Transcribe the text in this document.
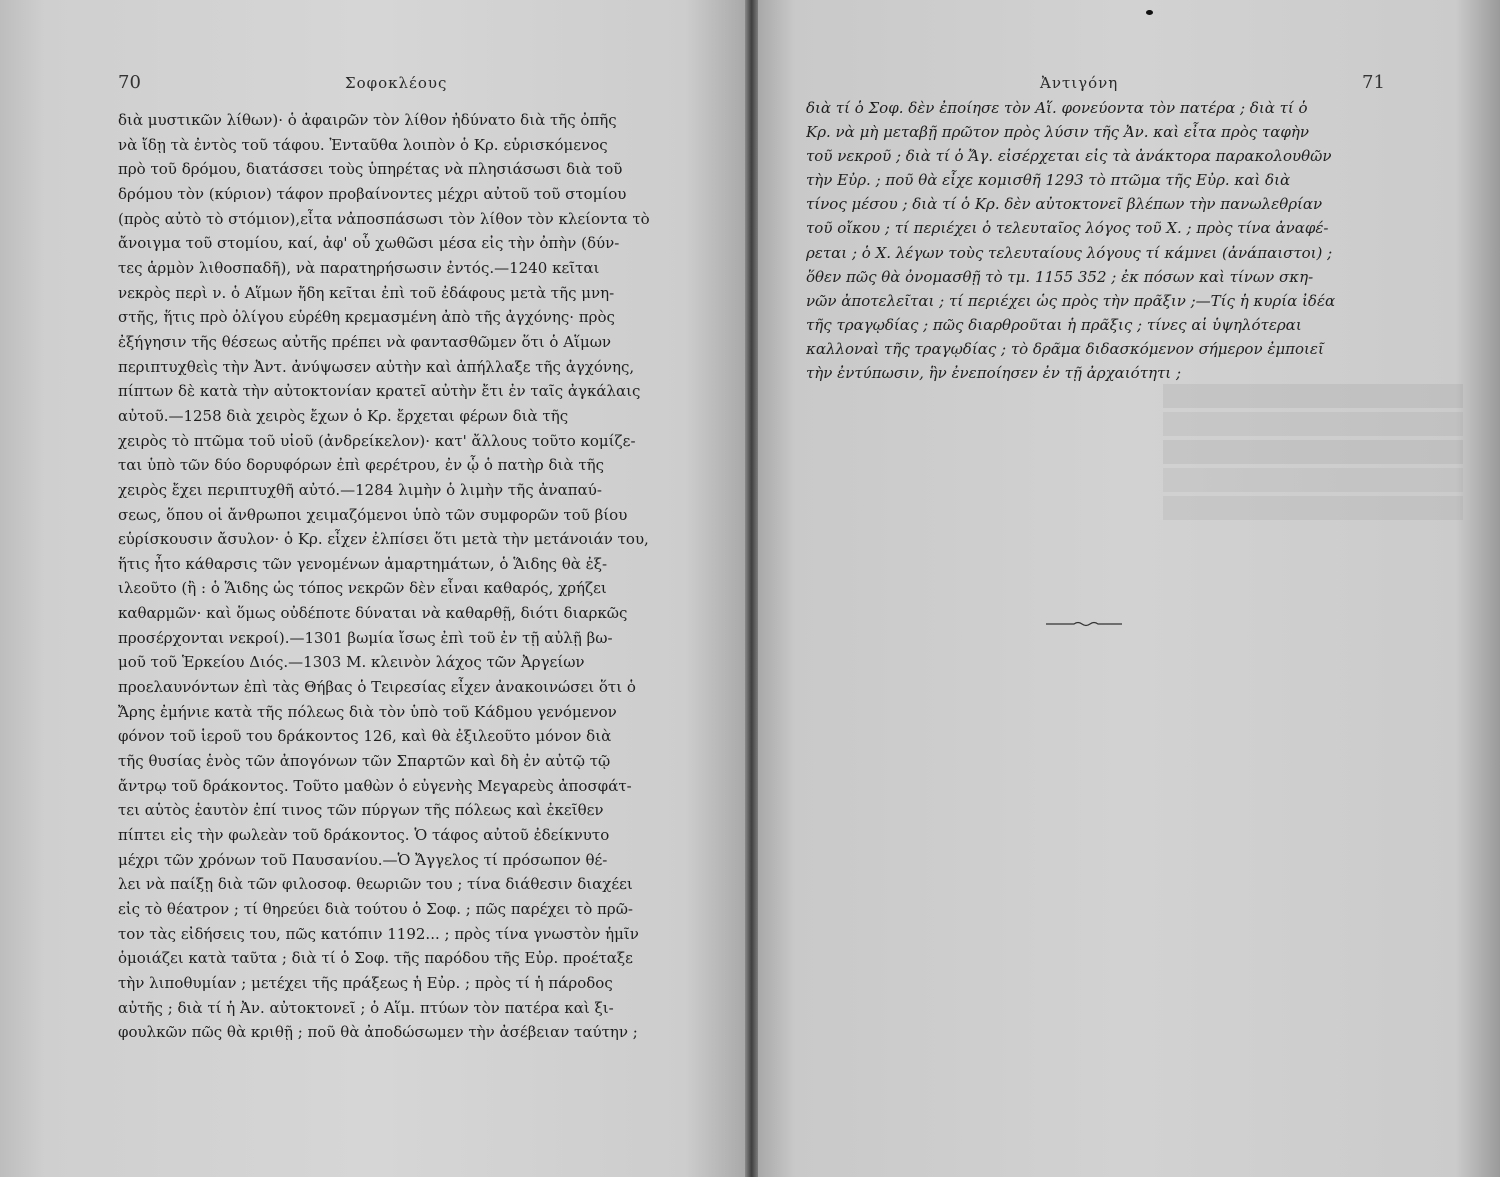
70	Σοφοκλέους
διὰ μυστικῶν λίθων)· ὁ ἀφαιρῶν τὸν λίθον ἠδύνατο διὰ τῆς ὀπῆς
νὰ ἴδῃ τὰ ἐντὸς τοῦ τάφου. Ἐνταῦθα λοιπὸν ὁ Κρ. εὑρισκόμενος
πρὸ τοῦ δρόμου, διατάσσει τοὺς ὑπηρέτας νὰ πλησιάσωσι διὰ τοῦ
δρόμου τὸν (κύριον) τάφον προβαίνοντες μέχρι αὐτοῦ τοῦ στομίου
(πρὸς αὐτὸ τὸ στόμιον),εἶτα νἀποσπάσωσι τὸν λίθον τὸν κλείοντα τὸ
ἄνοιγμα τοῦ στομίου, καί, ἀφ' οὗ χωθῶσι μέσα εἰς τὴν ὀπὴν (δύν-
τες ἁρμὸν λιθοσπαδῆ), νὰ παρατηρήσωσιν ἐντός.—1240 κεῖται
νεκρὸς περὶ ν. ὁ Αἵμων ἤδη κεῖται ἐπὶ τοῦ ἐδάφους μετὰ τῆς μνη-
στῆς, ἥτις πρὸ ὀλίγου εὑρέθη κρεμασμένη ἀπὸ τῆς ἀγχόνης· πρὸς
ἐξήγησιν τῆς θέσεως αὐτῆς πρέπει νὰ φαντασθῶμεν ὅτι ὁ Αἵμων
περιπτυχθεὶς τὴν Ἀντ. ἀνύψωσεν αὐτὴν καὶ ἀπήλλαξε τῆς ἀγχόνης,
πίπτων δὲ κατὰ τὴν αὐτοκτονίαν κρατεῖ αὐτὴν ἔτι ἐν ταῖς ἀγκάλαις
αὐτοῦ.—1258 διὰ χειρὸς ἔχων ὁ Κρ. ἔρχεται φέρων διὰ τῆς
χειρὸς τὸ πτῶμα τοῦ υἱοῦ (ἀνδρείκελον)· κατ' ἄλλους τοῦτο κομίζε-
ται ὑπὸ τῶν δύο δορυφόρων ἐπὶ φερέτρου, ἐν ᾧ ὁ πατὴρ διὰ τῆς
χειρὸς ἔχει περιπτυχθῆ αὐτό.—1284 λιμὴν ὁ λιμὴν τῆς ἀναπαύ-
σεως, ὅπου οἱ ἄνθρωποι χειμαζόμενοι ὑπὸ τῶν συμφορῶν τοῦ βίου
εὑρίσκουσιν ἄσυλον· ὁ Κρ. εἶχεν ἐλπίσει ὅτι μετὰ τὴν μετάνοιάν του,
ἥτις ἦτο κάθαρσις τῶν γενομένων ἁμαρτημάτων, ὁ Ἅιδης θὰ ἐξ-
ιλεοῦτο (ἢ : ὁ Ἅιδης ὡς τόπος νεκρῶν δὲν εἶναι καθαρός, χρήζει
καθαρμῶν· καὶ ὅμως οὐδέποτε δύναται νὰ καθαρθῇ, διότι διαρκῶς
προσέρχονται νεκροί).—1301 βωμία ἴσως ἐπὶ τοῦ ἐν τῇ αὐλῇ βω-
μοῦ τοῦ Ἑρκείου Διός.—1303 Μ. κλεινὸν λάχος τῶν Ἀργείων
προελαυνόντων ἐπὶ τὰς Θήβας ὁ Τειρεσίας εἶχεν ἀνακοινώσει ὅτι ὁ
Ἄρης ἐμήνιε κατὰ τῆς πόλεως διὰ τὸν ὑπὸ τοῦ Κάδμου γενόμενον
φόνον τοῦ ἱεροῦ του δράκοντος 126, καὶ θὰ ἐξιλεοῦτο μόνον διὰ
τῆς θυσίας ἑνὸς τῶν ἀπογόνων τῶν Σπαρτῶν καὶ δὴ ἐν αὐτῷ τῷ
ἄντρῳ τοῦ δράκοντος. Τοῦτο μαθὼν ὁ εὐγενὴς Μεγαρεὺς ἀποσφάτ-
τει αὑτὸς ἑαυτὸν ἐπί τινος τῶν πύργων τῆς πόλεως καὶ ἐκεῖθεν
πίπτει εἰς τὴν φωλεὰν τοῦ δράκοντος. Ὁ τάφος αὐτοῦ ἐδείκνυτο
μέχρι τῶν χρόνων τοῦ Παυσανίου.—Ὁ Ἄγγελος τί πρόσωπον θέ-
λει νὰ παίξῃ διὰ τῶν φιλοσοφ. θεωριῶν του ; τίνα διάθεσιν διαχέει
εἰς τὸ θέατρον ; τί θηρεύει διὰ τούτου ὁ Σοφ. ; πῶς παρέχει τὸ πρῶ-
τον τὰς εἰδήσεις του, πῶς κατόπιν 1192... ; πρὸς τίνα γνωστὸν ἡμῖν
ὁμοιάζει κατὰ ταῦτα ; διὰ τί ὁ Σοφ. τῆς παρόδου τῆς Εὐρ. προέταξε
τὴν λιποθυμίαν ; μετέχει τῆς πράξεως ἡ Εὐρ. ; πρὸς τί ἡ πάροδος
αὐτῆς ; διὰ τί ἡ Ἀν. αὐτοκτονεῖ ; ὁ Αἵμ. πτύων τὸν πατέρα καὶ ξι-
φουλκῶν πῶς θὰ κριθῇ ; ποῦ θὰ ἀποδώσωμεν τὴν ἀσέβειαν ταύτην ;
Ἀντιγόνη	71
διὰ τί ὁ Σοφ. δὲν ἐποίησε τὸν Αἵ. φονεύοντα τὸν πατέρα ; διὰ τί ὁ
Κρ. νὰ μὴ μεταβῇ πρῶτον πρὸς λύσιν τῆς Ἀν. καὶ εἶτα πρὸς ταφὴν
τοῦ νεκροῦ ; διὰ τί ὁ Ἄγ. εἰσέρχεται εἰς τὰ ἀνάκτορα παρακολουθῶν
τὴν Εὐρ. ; ποῦ θὰ εἶχε κομισθῆ 1293 τὸ πτῶμα τῆς Εὐρ. καὶ διὰ
τίνος μέσου ; διὰ τί ὁ Κρ. δὲν αὐτοκτονεῖ βλέπων τὴν πανωλεθρίαν
τοῦ οἴκου ; τί περιέχει ὁ τελευταῖος λόγος τοῦ Χ. ; πρὸς τίνα ἀναφέ-
ρεται ; ὁ Χ. λέγων τοὺς τελευταίους λόγους τί κάμνει (ἀνάπαιστοι) ;
ὅθεν πῶς θὰ ὀνομασθῇ τὸ τμ. 1155 352 ; ἐκ πόσων καὶ τίνων σκη-
νῶν ἀποτελεῖται ; τί περιέχει ὡς πρὸς τὴν πρᾶξιν ;—Τίς ἡ κυρία ἰδέα
τῆς τραγῳδίας ; πῶς διαρθροῦται ἡ πρᾶξις ; τίνες αἱ ὑψηλότεραι
καλλοναὶ τῆς τραγῳδίας ; τὸ δρᾶμα διδασκόμενον σήμερον ἐμποιεῖ
τὴν ἐντύπωσιν, ἣν ἐνεποίησεν ἐν τῇ ἀρχαιότητι ;
